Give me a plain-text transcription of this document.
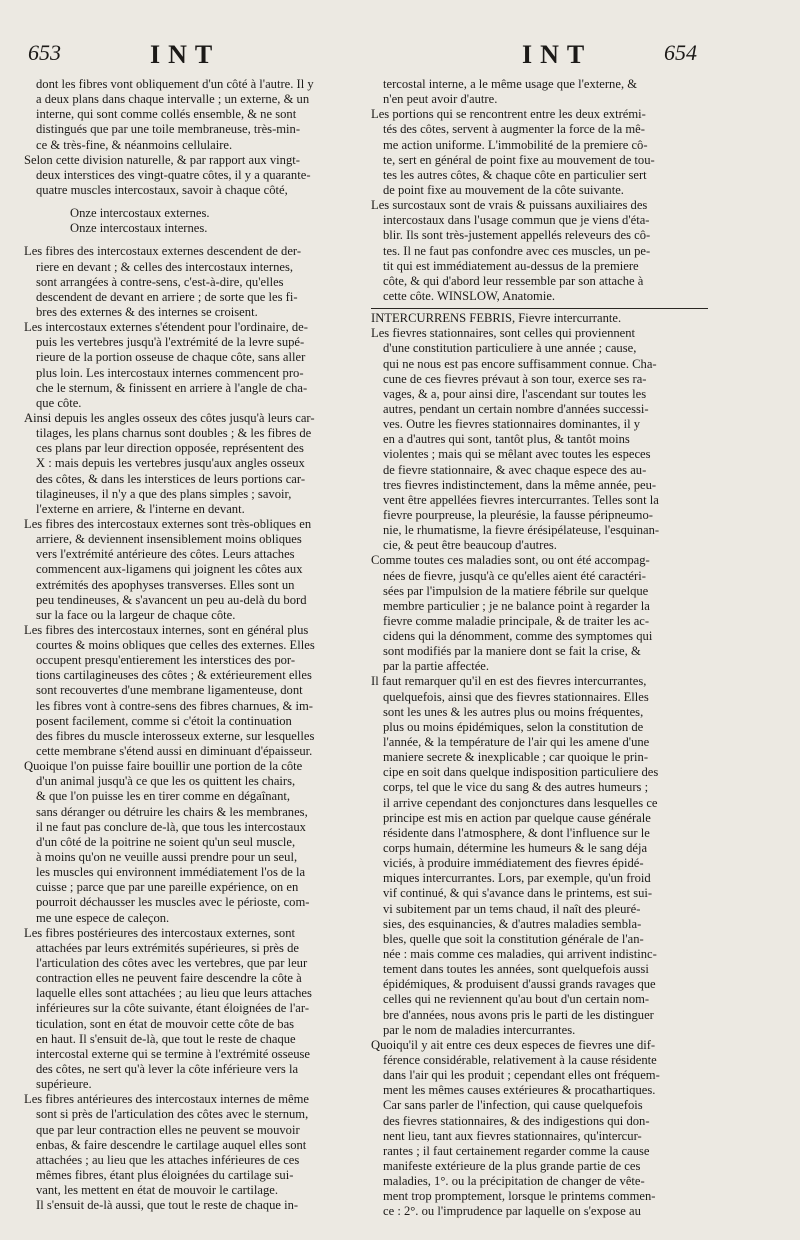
653	INT	INT	654
dont les fibres vont obliquement d'un côté à l'autre. Il y
a deux plans dans chaque intervalle ; un externe, & un
interne, qui sont comme collés ensemble, & ne sont
distingués que par une toile membraneuse, très-min-
ce & très-fine, & néanmoins cellulaire.
Selon cette division naturelle, & par rapport aux vingt-
deux interstices des vingt-quatre côtes, il y a quarante-
quatre muscles intercostaux, savoir à chaque côté,
Onze intercostaux externes.
Onze intercostaux internes.
Les fibres des intercostaux externes descendent de der-
riere en devant ; & celles des intercostaux internes,
sont arrangées à contre-sens, c'est-à-dire, qu'elles
descendent de devant en arriere ; de sorte que les fi-
bres des externes & des internes se croisent.
Les intercostaux externes s'étendent pour l'ordinaire, de-
puis les vertebres jusqu'à l'extrémité de la levre supé-
rieure de la portion osseuse de chaque côte, sans aller
plus loin. Les intercostaux internes commencent pro-
che le sternum, & finissent en arriere à l'angle de cha-
que côte.
Ainsi depuis les angles osseux des côtes jusqu'à leurs car-
tilages, les plans charnus sont doubles ; & les fibres de
ces plans par leur direction opposée, représentent des
X : mais depuis les vertebres jusqu'aux angles osseux
des côtes, & dans les interstices de leurs portions car-
tilagineuses, il n'y a que des plans simples ; savoir,
l'externe en arriere, & l'interne en devant.
Les fibres des intercostaux externes sont très-obliques en
arriere, & deviennent insensiblement moins obliques
vers l'extrémité antérieure des côtes. Leurs attaches
commencent aux-ligamens qui joignent les côtes aux
extrémités des apophyses transverses. Elles sont un
peu tendineuses, & s'avancent un peu au-delà du bord
sur la face ou la largeur de chaque côte.
Les fibres des intercostaux internes, sont en général plus
courtes & moins obliques que celles des externes. Elles
occupent presqu'entierement les interstices des por-
tions cartilagineuses des côtes ; & extérieurement elles
sont recouvertes d'une membrane ligamenteuse, dont
les fibres vont à contre-sens des fibres charnues, & im-
posent facilement, comme si c'étoit la continuation
des fibres du muscle interosseux externe, sur lesquelles
cette membrane s'étend aussi en diminuant d'épaisseur.
Quoique l'on puisse faire bouillir une portion de la côte
d'un animal jusqu'à ce que les os quittent les chairs,
& que l'on puisse les en tirer comme en dégaînant,
sans déranger ou détruire les chairs & les membranes,
il ne faut pas conclure de-là, que tous les intercostaux
d'un côté de la poitrine ne soient qu'un seul muscle,
à moins qu'on ne veuille aussi prendre pour un seul,
les muscles qui environnent immédiatement l'os de la
cuisse ; parce que par une pareille expérience, on en
pourroit déchausser les muscles avec le périoste, com-
me une espece de caleçon.
Les fibres postérieures des intercostaux externes, sont
attachées par leurs extrémités supérieures, si près de
l'articulation des côtes avec les vertebres, que par leur
contraction elles ne peuvent faire descendre la côte à
laquelle elles sont attachées ; au lieu que leurs attaches
inférieures sur la côte suivante, étant éloignées de l'ar-
ticulation, sont en état de mouvoir cette côte de bas
en haut. Il s'ensuit de-là, que tout le reste de chaque
intercostal externe qui se termine à l'extrémité osseuse
des côtes, ne sert qu'à lever la côte inférieure vers la
supérieure.
Les fibres antérieures des intercostaux internes de même
sont si près de l'articulation des côtes avec le sternum,
que par leur contraction elles ne peuvent se mouvoir
enbas, & faire descendre le cartilage auquel elles sont
attachées ; au lieu que les attaches inférieures de ces
mêmes fibres, étant plus éloignées du cartilage sui-
vant, les mettent en état de mouvoir le cartilage.
Il s'ensuit de-là aussi, que tout le reste de chaque in-
tercostal interne, a le même usage que l'externe, &
n'en peut avoir d'autre.
Les portions qui se rencontrent entre les deux extrémi-
tés des côtes, servent à augmenter la force de la mê-
me action uniforme. L'immobilité de la premiere cô-
te, sert en général de point fixe au mouvement de tou-
tes les autres côtes, & chaque côte en particulier sert
de point fixe au mouvement de la côte suivante.
Les surcostaux sont de vrais & puissans auxiliaires des
intercostaux dans l'usage commun que je viens d'éta-
blir. Ils sont très-justement appellés releveurs des cô-
tes. Il ne faut pas confondre avec ces muscles, un pe-
tit qui est immédiatement au-dessus de la premiere
côte, & qui d'abord leur ressemble par son attache à
cette côte. WINSLOW, Anatomie.
INTERCURRENS FEBRIS, Fievre intercurrante.
Les fievres stationnaires, sont celles qui proviennent
d'une constitution particuliere à une année ; cause,
qui ne nous est pas encore suffisamment connue. Cha-
cune de ces fievres prévaut à son tour, exerce ses ra-
vages, & a, pour ainsi dire, l'ascendant sur toutes les
autres, pendant un certain nombre d'années successi-
ves. Outre les fievres stationnaires dominantes, il y
en a d'autres qui sont, tantôt plus, & tantôt moins
violentes ; mais qui se mêlant avec toutes les especes
de fievre stationnaire, & avec chaque espece des au-
tres fievres indistinctement, dans la même année, peu-
vent être appellées fievres intercurrantes. Telles sont la
fievre pourpreuse, la pleurésie, la fausse péripneumo-
nie, le rhumatisme, la fievre érésipélateuse, l'esquinan-
cie, & peut être beaucoup d'autres.
Comme toutes ces maladies sont, ou ont été accompag-
nées de fievre, jusqu'à ce qu'elles aient été caractéri-
sées par l'impulsion de la matiere fébrile sur quelque
membre particulier ; je ne balance point à regarder la
fievre comme maladie principale, & de traiter les ac-
cidens qui la dénomment, comme des symptomes qui
sont modifiés par la maniere dont se fait la crise, &
par la partie affectée.
Il faut remarquer qu'il en est des fievres intercurrantes,
quelquefois, ainsi que des fievres stationnaires. Elles
sont les unes & les autres plus ou moins fréquentes,
plus ou moins épidémiques, selon la constitution de
l'année, & la température de l'air qui les amene d'une
maniere secrete & inexplicable ; car quoique le prin-
cipe en soit dans quelque indisposition particuliere des
corps, tel que le vice du sang & des autres humeurs ;
il arrive cependant des conjonctures dans lesquelles ce
principe est mis en action par quelque cause générale
résidente dans l'atmosphere, & dont l'influence sur le
corps humain, détermine les humeurs & le sang déja
viciés, à produire immédiatement des fievres épidé-
miques intercurrantes. Lors, par exemple, qu'un froid
vif continué, & qui s'avance dans le printems, est sui-
vi subitement par un tems chaud, il naît des pleuré-
sies, des esquinancies, & d'autres maladies sembla-
bles, quelle que soit la constitution générale de l'an-
née : mais comme ces maladies, qui arrivent indistinc-
tement dans toutes les années, sont quelquefois aussi
épidémiques, & produisent d'aussi grands ravages que
celles qui ne reviennent qu'au bout d'un certain nom-
bre d'années, nous avons pris le parti de les distinguer
par le nom de maladies intercurrantes.
Quoiqu'il y ait entre ces deux especes de fievres une dif-
férence considérable, relativement à la cause résidente
dans l'air qui les produit ; cependant elles ont fréquem-
ment les mêmes causes extérieures & procathartiques.
Car sans parler de l'infection, qui cause quelquefois
des fievres stationnaires, & des indigestions qui don-
nent lieu, tant aux fievres stationnaires, qu'intercur-
rantes ; il faut certainement regarder comme la cause
manifeste extérieure de la plus grande partie de ces
maladies, 1°. ou la précipitation de changer de vête-
ment trop promptement, lorsque le printems commen-
ce : 2°. ou l'imprudence par laquelle on s'expose au
